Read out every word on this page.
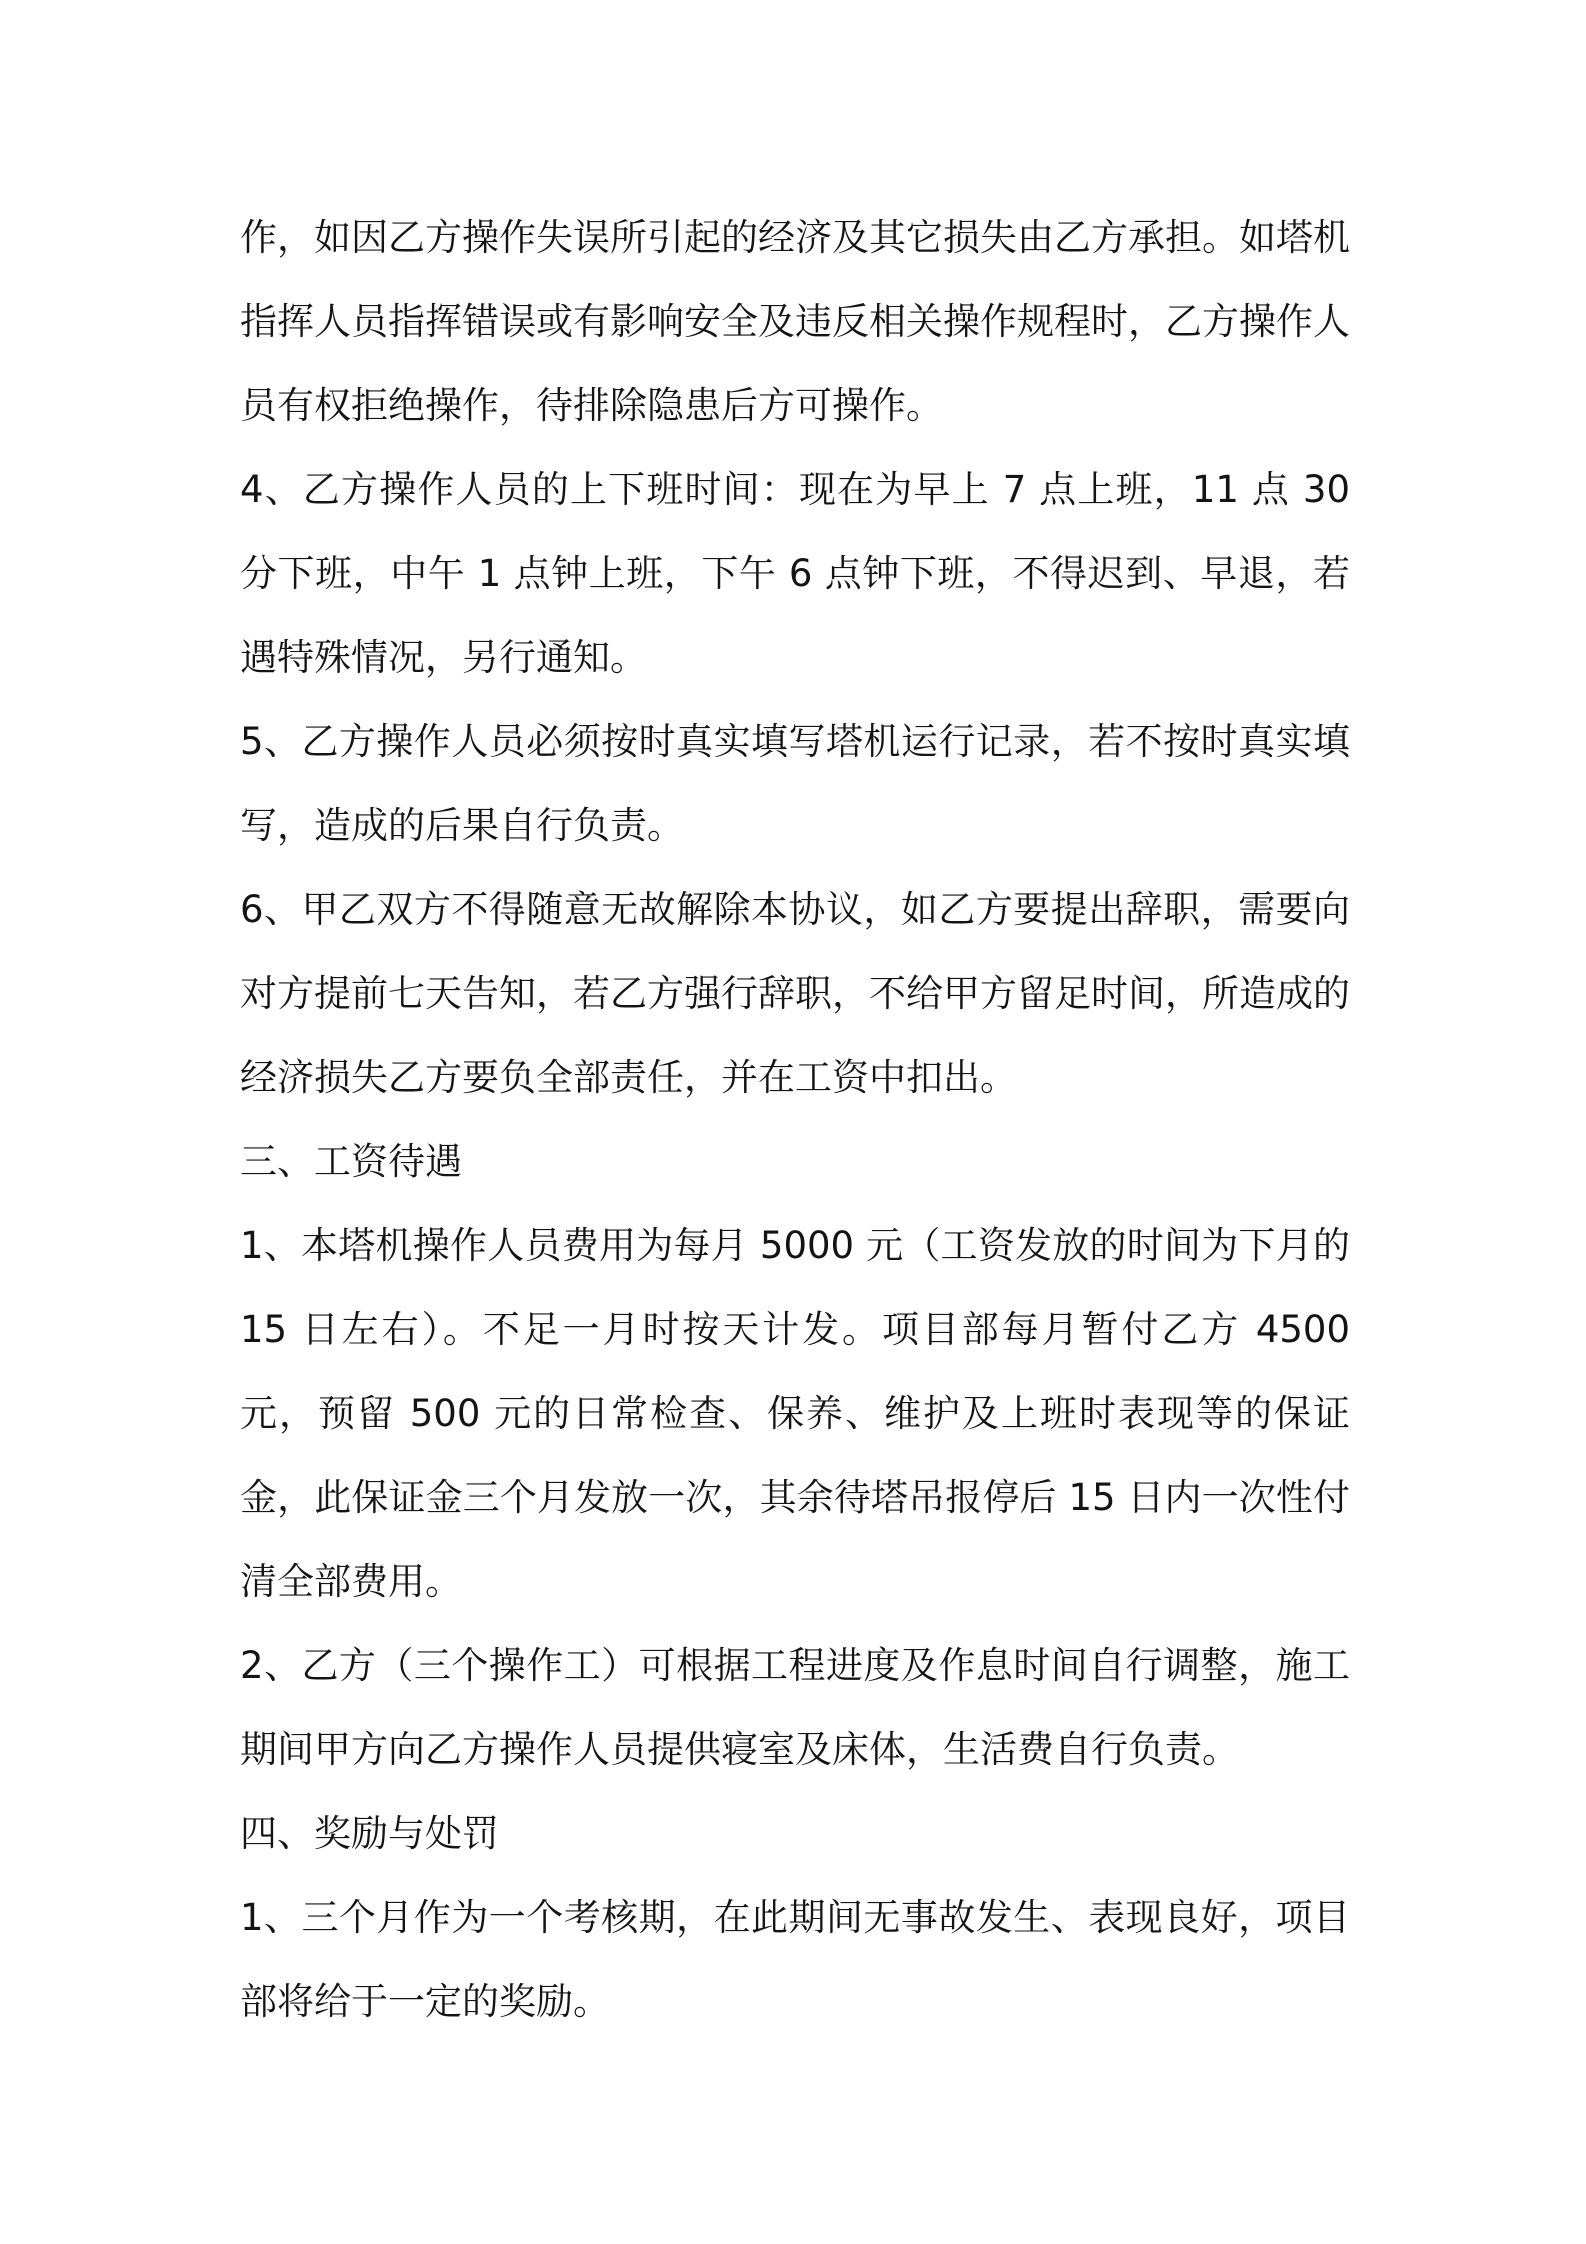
作，如因乙方操作失误所引起的经济及其它损失由乙方承担。如塔机指挥人员指挥错误或有影响安全及违反相关操作规程时，乙方操作人员有权拒绝操作，待排除隐患后方可操作。

4、乙方操作人员的上下班时间：现在为早上 7 点上班，11 点 30 分下班，中午 1 点钟上班，下午 6 点钟下班，不得迟到、早退，若遇特殊情况，另行通知。

5、乙方操作人员必须按时真实填写塔机运行记录，若不按时真实填写，造成的后果自行负责。

6、甲乙双方不得随意无故解除本协议，如乙方要提出辞职，需要向对方提前七天告知，若乙方强行辞职，不给甲方留足时间，所造成的经济损失乙方要负全部责任，并在工资中扣出。

三、工资待遇

1、本塔机操作人员费用为每月 5000 元（工资发放的时间为下月的 15 日左右）。不足一月时按天计发。项目部每月暂付乙方 4500 元，预留 500 元的日常检查、保养、维护及上班时表现等的保证金，此保证金三个月发放一次，其余待塔吊报停后 15 日内一次性付清全部费用。

2、乙方（三个操作工）可根据工程进度及作息时间自行调整，施工期间甲方向乙方操作人员提供寝室及床体，生活费自行负责。

四、奖励与处罚

1、三个月作为一个考核期，在此期间无事故发生、表现良好，项目部将给于一定的奖励。
